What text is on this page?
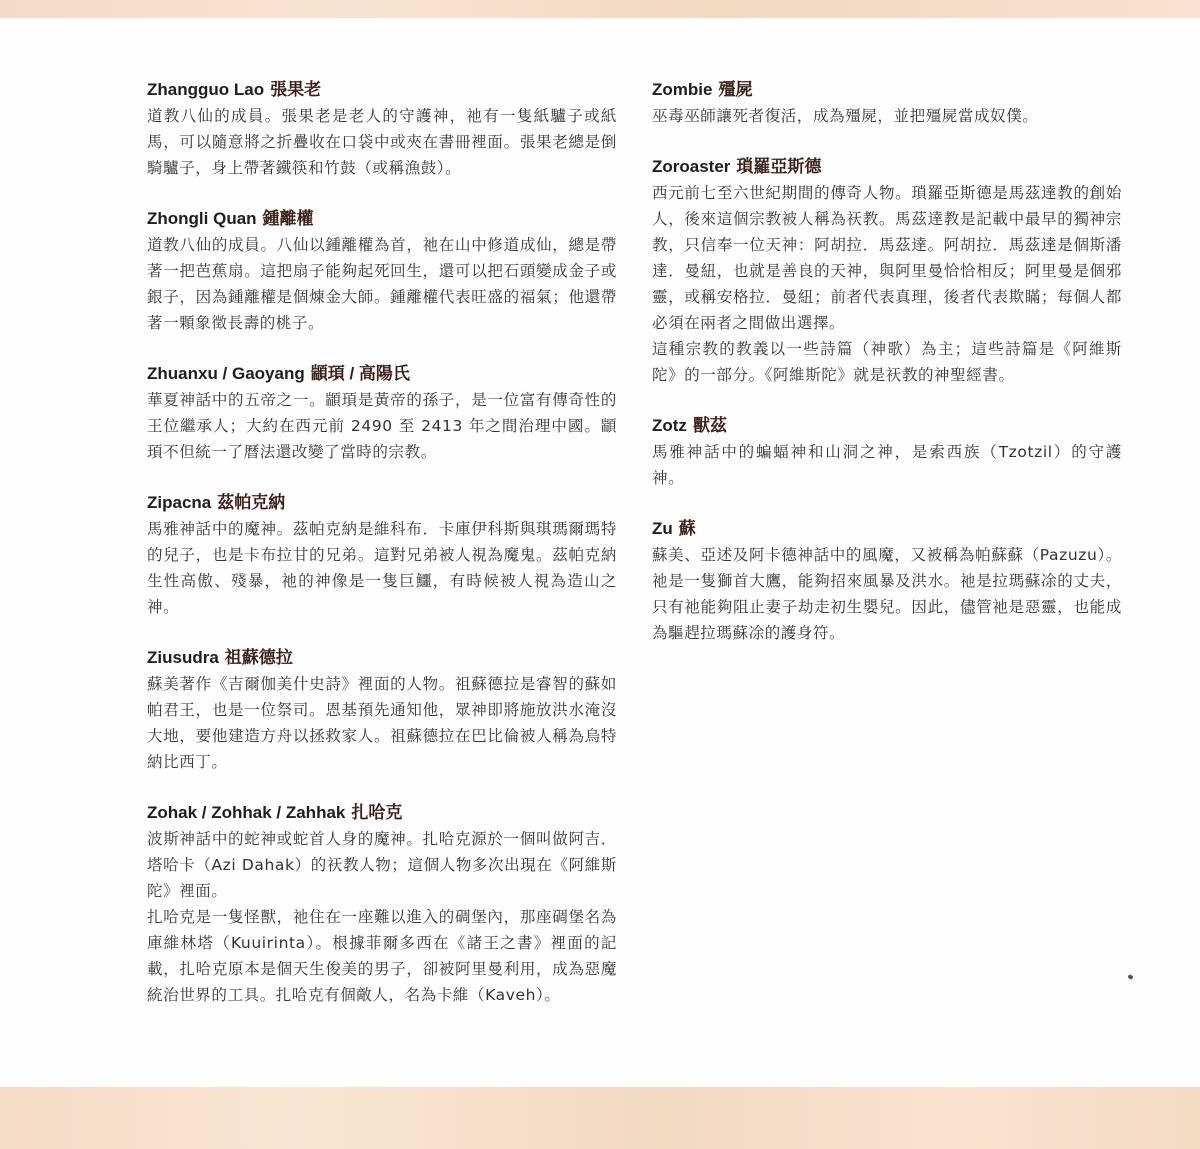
Zhangguo Lao 張果老

道教八仙的成員。張果老是老人的守護神，祂有一隻紙驢子或紙馬，可以隨意將之折疊收在口袋中或夾在書冊裡面。張果老總是倒騎驢子，身上帶著鐵筷和竹鼓（或稱漁鼓）。

Zhongli Quan 鍾離權

道教八仙的成員。八仙以鍾離權為首，祂在山中修道成仙，總是帶著一把芭蕉扇。這把扇子能夠起死回生，還可以把石頭變成金子或銀子，因為鍾離權是個煉金大師。鍾離權代表旺盛的福氣；他還帶著一顆象徵長壽的桃子。

Zhuanxu / Gaoyang 顓頊 / 高陽氏

華夏神話中的五帝之一。顓頊是黃帝的孫子，是一位富有傳奇性的王位繼承人；大約在西元前 2490 至 2413 年之間治理中國。顓頊不但統一了曆法還改變了當時的宗教。

Zipacna 茲帕克納

馬雅神話中的魔神。茲帕克納是維科布．卡庫伊科斯與琪瑪爾瑪特的兒子，也是卡布拉甘的兄弟。這對兄弟被人視為魔鬼。茲帕克納生性高傲、殘暴，祂的神像是一隻巨鱷，有時候被人視為造山之神。

Ziusudra 祖蘇德拉

蘇美著作《吉爾伽美什史詩》裡面的人物。祖蘇德拉是睿智的蘇如帕君王，也是一位祭司。恩基預先通知他，眾神即將施放洪水淹沒大地，要他建造方舟以拯救家人。祖蘇德拉在巴比倫被人稱為烏特納比西丁。

Zohak / Zohhak / Zahhak 扎哈克

波斯神話中的蛇神或蛇首人身的魔神。扎哈克源於一個叫做阿吉．塔哈卡（Azi Dahak）的祆教人物；這個人物多次出現在《阿維斯陀》裡面。

扎哈克是一隻怪獸，祂住在一座難以進入的碉堡內，那座碉堡名為庫維林塔（Kuuirinta）。根據菲爾多西在《諸王之書》裡面的記載，扎哈克原本是個天生俊美的男子，卻被阿里曼利用，成為惡魔統治世界的工具。扎哈克有個敵人，名為卡維（Kaveh）。

Zombie 殭屍

巫毒巫師讓死者復活，成為殭屍，並把殭屍當成奴僕。

Zoroaster 瑣羅亞斯德

西元前七至六世紀期間的傳奇人物。瑣羅亞斯德是馬茲達教的創始人，後來這個宗教被人稱為祆教。馬茲達教是記載中最早的獨神宗教，只信奉一位天神：阿胡拉．馬茲達。阿胡拉．馬茲達是個斯潘達．曼紐，也就是善良的天神，與阿里曼恰恰相反；阿里曼是個邪靈，或稱安格拉．曼紐；前者代表真理，後者代表欺瞞；每個人都必須在兩者之間做出選擇。

這種宗教的教義以一些詩篇（神歌）為主；這些詩篇是《阿維斯陀》的一部分。《阿維斯陀》就是祆教的神聖經書。

Zotz 獸茲

馬雅神話中的蝙蝠神和山洞之神，是索西族（Tzotzil）的守護神。

Zu 蘇

蘇美、亞述及阿卡德神話中的風魔，又被稱為帕蘇蘇（Pazuzu）。祂是一隻獅首大鷹，能夠招來風暴及洪水。祂是拉瑪蘇凃的丈夫，只有祂能夠阻止妻子劫走初生嬰兒。因此，儘管祂是惡靈，也能成為驅趕拉瑪蘇凃的護身符。
